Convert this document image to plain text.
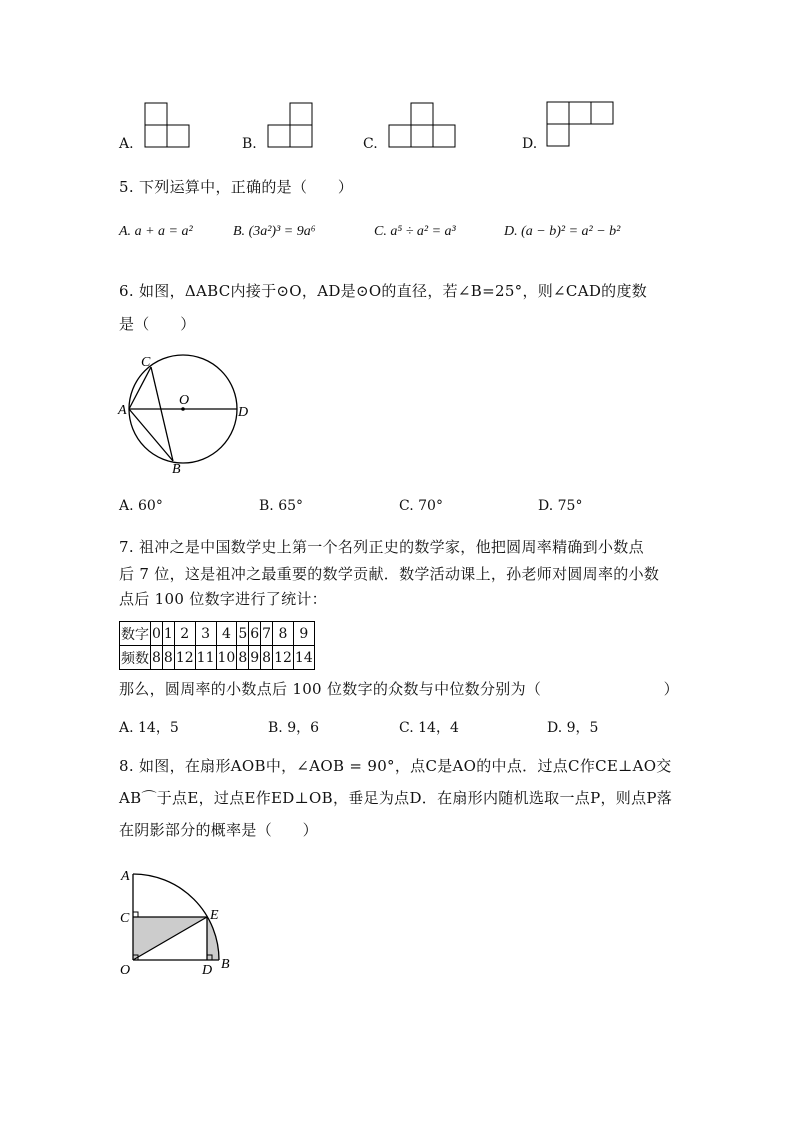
A.	B.	C.	D.
5. 下列运算中，正确的是（　　）
A. a + a = a²	B. (3a²)³ = 9a⁶	C. a⁵ ÷ a² = a³	D. (a − b)² = a² − b²
6. 如图，ΔABC内接于⊙O，AD是⊙O的直径，若∠B=25°，则∠CAD的度数
是（　　）
C
A
O
D
B
A. 60°	B. 65°	C. 70°	D. 75°
7. 祖冲之是中国数学史上第一个名列正史的数学家，他把圆周率精确到小数点
后 7 位，这是祖冲之最重要的数学贡献．数学活动课上，孙老师对圆周率的小数
点后 100 位数字进行了统计：
数字	0	1	2	3	4	5	6	7	8	9
频数	8	8	12	11	10	8	9	8	12	14
那么，圆周率的小数点后 100 位数字的众数与中位数分别为（　　　　　　　　）
A. 14，5	B. 9，6	C. 14，4	D. 9，5
8. 如图，在扇形AOB中，∠AOB = 90°，点C是AO的中点．过点C作CE⊥AO交
AB⌒于点E，过点E作ED⊥OB，垂足为点D．在扇形内随机选取一点P，则点P落
在阴影部分的概率是（　　）
A
C	E
O	D B
